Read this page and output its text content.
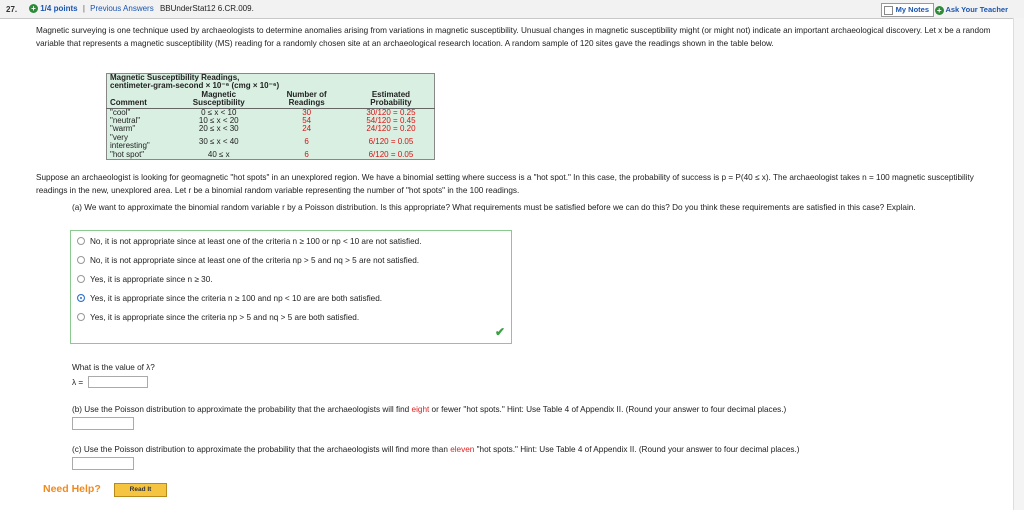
27. + 1/4 points | Previous Answers BBUnderStat12 6.CR.009.	My Notes + Ask Your Teacher

Magnetic surveying is one technique used by archaeologists to determine anomalies arising from variations in magnetic susceptibility. Unusual changes in magnetic susceptibility might (or might not) indicate an important archaeological discovery. Let x be a random variable that represents a magnetic susceptibility (MS) reading for a randomly chosen site at an archaeological research location. A random sample of 120 sites gave the readings shown in the table below.

Magnetic Susceptibility Readings,			
centimeter-gram-second × 10⁻⁶ (cmg × 10⁻⁶)			
Comment	Magnetic Susceptibility	Number of Readings	Estimated Probability
"cool"	0 ≤ x < 10	30	30/120 = 0.25
"neutral"	10 ≤ x < 20	54	54/120 = 0.45
"warm"	20 ≤ x < 30	24	24/120 = 0.20
"very interesting"	30 ≤ x < 40	6	6/120 = 0.05
"hot spot"	40 ≤ x	6	6/120 = 0.05
Suppose an archaeologist is looking for geomagnetic "hot spots" in an unexplored region. We have a binomial setting where success is a "hot spot." In this case, the probability of success is p = P(40 ≤ x). The archaeologist takes n = 100 magnetic susceptibility readings in the new, unexplored area. Let r be a binomial random variable representing the number of "hot spots" in the 100 readings.
(a) We want to approximate the binomial random variable r by a Poisson distribution. Is this appropriate? What requirements must be satisfied before we can do this? Do you think these requirements are satisfied in this case? Explain.
No, it is not appropriate since at least one of the criteria n ≥ 100 or np < 10 are not satisfied.
No, it is not appropriate since at least one of the criteria np > 5 and nq > 5 are not satisfied.
Yes, it is appropriate since n ≥ 30.
Yes, it is appropriate since the criteria n ≥ 100 and np < 10 are are both satisfied.
Yes, it is appropriate since the criteria np > 5 and nq > 5 are both satisfied.
✔
What is the value of λ?
λ =
(b) Use the Poisson distribution to approximate the probability that the archaeologists will find eight or fewer "hot spots." Hint: Use Table 4 of Appendix II. (Round your answer to four decimal places.)
(c) Use the Poisson distribution to approximate the probability that the archaeologists will find more than eleven "hot spots." Hint: Use Table 4 of Appendix II. (Round your answer to four decimal places.)
Need Help?	Read It
